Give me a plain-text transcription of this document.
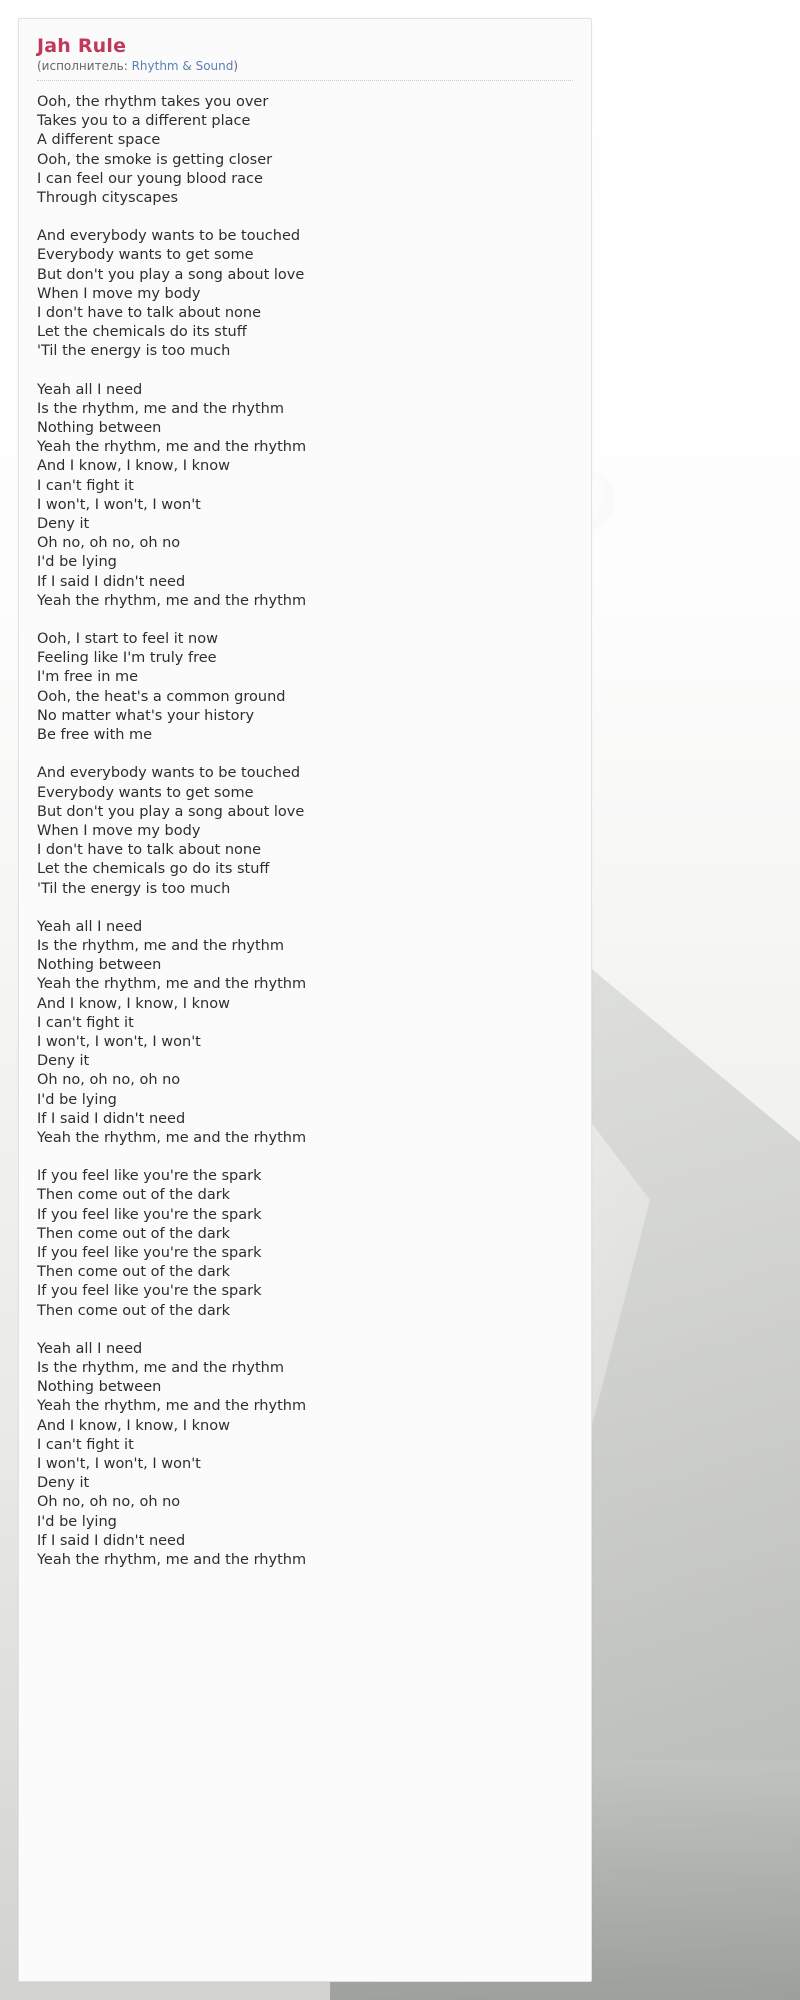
Jah Rule
(исполнитель: Rhythm & Sound)

Ooh, the rhythm takes you over
Takes you to a different place
A different space
Ooh, the smoke is getting closer
I can feel our young blood race
Through cityscapes

And everybody wants to be touched
Everybody wants to get some
But don't you play a song about love
When I move my body
I don't have to talk about none
Let the chemicals do its stuff
'Til the energy is too much

Yeah all I need
Is the rhythm, me and the rhythm
Nothing between
Yeah the rhythm, me and the rhythm
And I know, I know, I know
I can't fight it
I won't, I won't, I won't
Deny it
Oh no, oh no, oh no
I'd be lying
If I said I didn't need
Yeah the rhythm, me and the rhythm

Ooh, I start to feel it now
Feeling like I'm truly free
I'm free in me
Ooh, the heat's a common ground
No matter what's your history
Be free with me

And everybody wants to be touched
Everybody wants to get some
But don't you play a song about love
When I move my body
I don't have to talk about none
Let the chemicals go do its stuff
'Til the energy is too much

Yeah all I need
Is the rhythm, me and the rhythm
Nothing between
Yeah the rhythm, me and the rhythm
And I know, I know, I know
I can't fight it
I won't, I won't, I won't
Deny it
Oh no, oh no, oh no
I'd be lying
If I said I didn't need
Yeah the rhythm, me and the rhythm

If you feel like you're the spark
Then come out of the dark
If you feel like you're the spark
Then come out of the dark
If you feel like you're the spark
Then come out of the dark
If you feel like you're the spark
Then come out of the dark

Yeah all I need
Is the rhythm, me and the rhythm
Nothing between
Yeah the rhythm, me and the rhythm
And I know, I know, I know
I can't fight it
I won't, I won't, I won't
Deny it
Oh no, oh no, oh no
I'd be lying
If I said I didn't need
Yeah the rhythm, me and the rhythm
